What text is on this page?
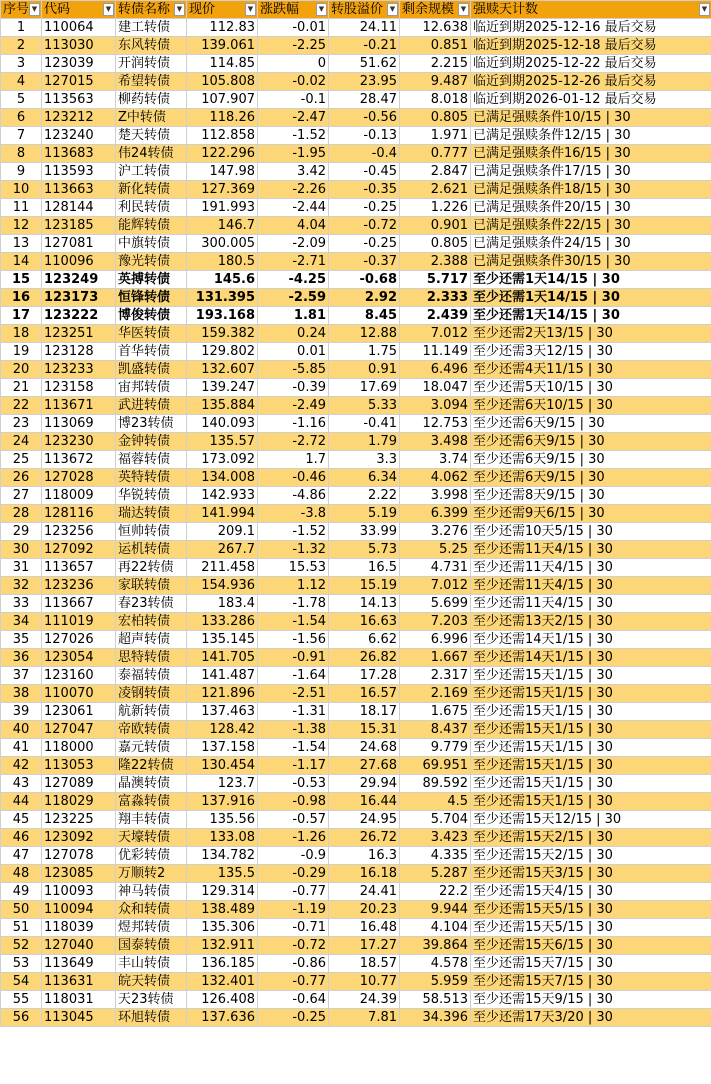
序号 ▼	代码 ▼	转债名称 ▼	现价 ▼	涨跌幅 ▼	转股溢价 ▼	剩余规模 ▼	强赎天计数 ▼

1	110064	建工转债	112.83	-0.01	24.11	12.638	临近到期2025-12-16 最后交易
2	113030	东风转债	139.061	-2.25	-0.21	0.851	临近到期2025-12-18 最后交易
3	123039	开润转债	114.85	0	51.62	2.215	临近到期2025-12-22 最后交易
4	127015	希望转债	105.808	-0.02	23.95	9.487	临近到期2025-12-26 最后交易
5	113563	柳药转债	107.907	-0.1	28.47	8.018	临近到期2026-01-12 最后交易
6	123212	Z中转债	118.26	-2.47	-0.56	0.805	已满足强赎条件10/15 | 30
7	123240	楚天转债	112.858	-1.52	-0.13	1.971	已满足强赎条件12/15 | 30
8	113683	伟24转债	122.296	-1.95	-0.4	0.777	已满足强赎条件16/15 | 30
9	113593	沪工转债	147.98	3.42	-0.45	2.847	已满足强赎条件17/15 | 30
10	113663	新化转债	127.369	-2.26	-0.35	2.621	已满足强赎条件18/15 | 30
11	128144	利民转债	191.993	-2.44	-0.25	1.226	已满足强赎条件20/15 | 30
12	123185	能辉转债	146.7	4.04	-0.72	0.901	已满足强赎条件22/15 | 30
13	127081	中旗转债	300.005	-2.09	-0.25	0.805	已满足强赎条件24/15 | 30
14	110096	豫光转债	180.5	-2.71	-0.37	2.388	已满足强赎条件30/15 | 30
15	123249	英搏转债	145.6	-4.25	-0.68	5.717	至少还需1天14/15 | 30
16	123173	恒锋转债	131.395	-2.59	2.92	2.333	至少还需1天14/15 | 30
17	123222	博俊转债	193.168	1.81	8.45	2.439	至少还需1天14/15 | 30
18	123251	华医转债	159.382	0.24	12.88	7.012	至少还需2天13/15 | 30
19	123128	首华转债	129.802	0.01	1.75	11.149	至少还需3天12/15 | 30
20	123233	凯盛转债	132.607	-5.85	0.91	6.496	至少还需4天11/15 | 30
21	123158	宙邦转债	139.247	-0.39	17.69	18.047	至少还需5天10/15 | 30
22	113671	武进转债	135.884	-2.49	5.33	3.094	至少还需6天10/15 | 30
23	113069	博23转债	140.093	-1.16	-0.41	12.753	至少还需6天9/15 | 30
24	123230	金钟转债	135.57	-2.72	1.79	3.498	至少还需6天9/15 | 30
25	113672	福蓉转债	173.092	1.7	3.3	3.74	至少还需6天9/15 | 30
26	127028	英特转债	134.008	-0.46	6.34	4.062	至少还需6天9/15 | 30
27	118009	华锐转债	142.933	-4.86	2.22	3.998	至少还需8天9/15 | 30
28	128116	瑞达转债	141.994	-3.8	5.19	6.399	至少还需9天6/15 | 30
29	123256	恒帅转债	209.1	-1.52	33.99	3.276	至少还需10天5/15 | 30
30	127092	运机转债	267.7	-1.32	5.73	5.25	至少还需11天4/15 | 30
31	113657	再22转债	211.458	15.53	16.5	4.731	至少还需11天4/15 | 30
32	123236	家联转债	154.936	1.12	15.19	7.012	至少还需11天4/15 | 30
33	113667	春23转债	183.4	-1.78	14.13	5.699	至少还需11天4/15 | 30
34	111019	宏柏转债	133.286	-1.54	16.63	7.203	至少还需13天2/15 | 30
35	127026	超声转债	135.145	-1.56	6.62	6.996	至少还需14天1/15 | 30
36	123054	思特转债	141.705	-0.91	26.82	1.667	至少还需14天1/15 | 30
37	123160	泰福转债	141.487	-1.64	17.28	2.317	至少还需15天1/15 | 30
38	110070	凌钢转债	121.896	-2.51	16.57	2.169	至少还需15天1/15 | 30
39	123061	航新转债	137.463	-1.31	18.17	1.675	至少还需15天1/15 | 30
40	127047	帝欧转债	128.42	-1.38	15.31	8.437	至少还需15天1/15 | 30
41	118000	嘉元转债	137.158	-1.54	24.68	9.779	至少还需15天1/15 | 30
42	113053	隆22转债	130.454	-1.17	27.68	69.951	至少还需15天1/15 | 30
43	127089	晶澳转债	123.7	-0.53	29.94	89.592	至少还需15天1/15 | 30
44	118029	富淼转债	137.916	-0.98	16.44	4.5	至少还需15天1/15 | 30
45	123225	翔丰转债	135.56	-0.57	24.95	5.704	至少还需15天12/15 | 30
46	123092	天壕转债	133.08	-1.26	26.72	3.423	至少还需15天2/15 | 30
47	127078	优彩转债	134.782	-0.9	16.3	4.335	至少还需15天2/15 | 30
48	123085	万顺转2	135.5	-0.29	16.18	5.287	至少还需15天3/15 | 30
49	110093	神马转债	129.314	-0.77	24.41	22.2	至少还需15天4/15 | 30
50	110094	众和转债	138.489	-1.19	20.23	9.944	至少还需15天5/15 | 30
51	118039	煜邦转债	135.306	-0.71	16.48	4.104	至少还需15天5/15 | 30
52	127040	国泰转债	132.911	-0.72	17.27	39.864	至少还需15天6/15 | 30
53	113649	丰山转债	136.185	-0.86	18.57	4.578	至少还需15天7/15 | 30
54	113631	皖天转债	132.401	-0.77	10.77	5.959	至少还需15天7/15 | 30
55	118031	天23转债	126.408	-0.64	24.39	58.513	至少还需15天9/15 | 30
56	113045	环旭转债	137.636	-0.25	7.81	34.396	至少还需17天3/20 | 30
